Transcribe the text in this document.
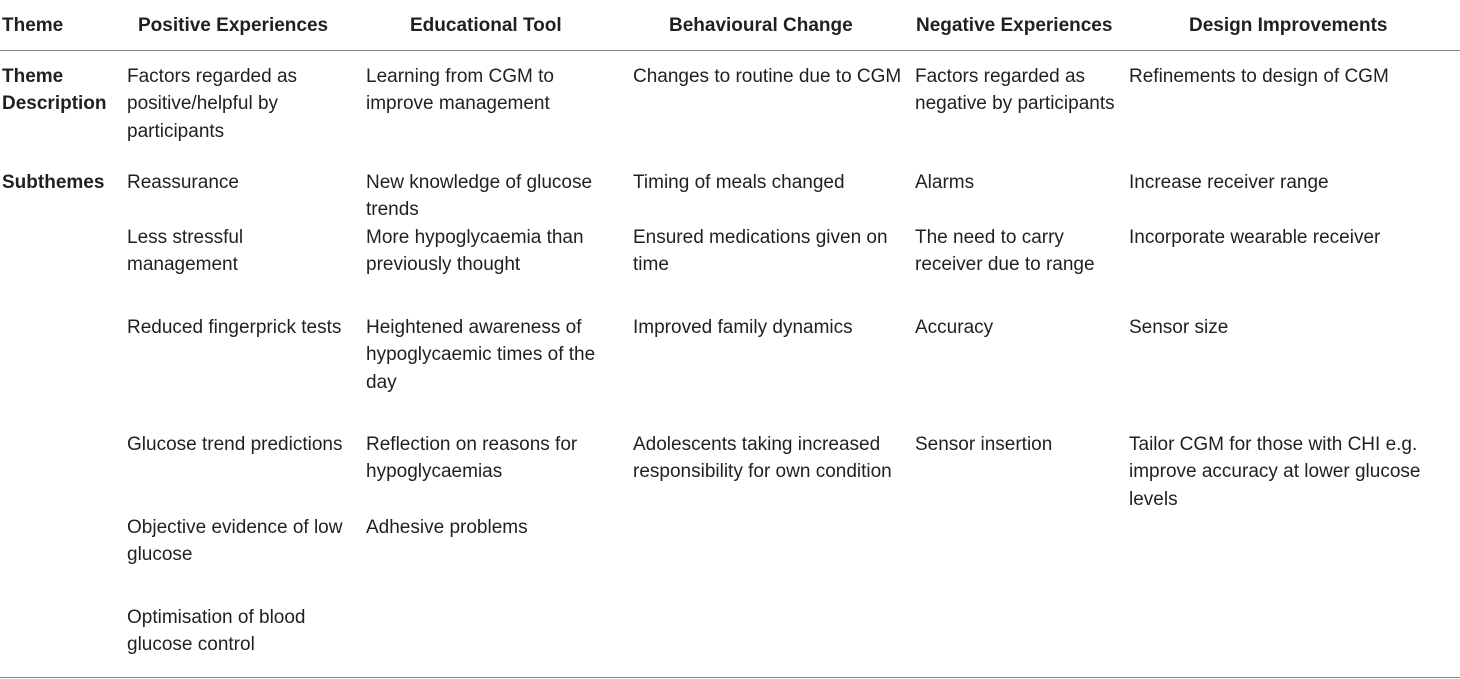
Theme	Positive Experiences	Educational Tool	Behavioural Change	Negative Experiences	Design Improvements
Theme Description	Factors regarded as positive/helpful by participants	Learning from CGM to improve management	Changes to routine due to CGM	Factors regarded as negative by participants	Refinements to design of CGM
Subthemes	Reassurance	New knowledge of glucose trends	Timing of meals changed	Alarms	Increase receiver range
	Less stressful management	More hypoglycaemia than previously thought	Ensured medications given on time	The need to carry receiver due to range	Incorporate wearable receiver
	Reduced fingerprick tests	Heightened awareness of hypoglycaemic times of the day	Improved family dynamics	Accuracy	Sensor size
	Glucose trend predictions	Reflection on reasons for hypoglycaemias	Adolescents taking increased responsibility for own condition	Sensor insertion	Tailor CGM for those with CHI e.g. improve accuracy at lower glucose levels
	Objective evidence of low glucose	Adhesive problems			
	Optimisation of blood glucose control				
